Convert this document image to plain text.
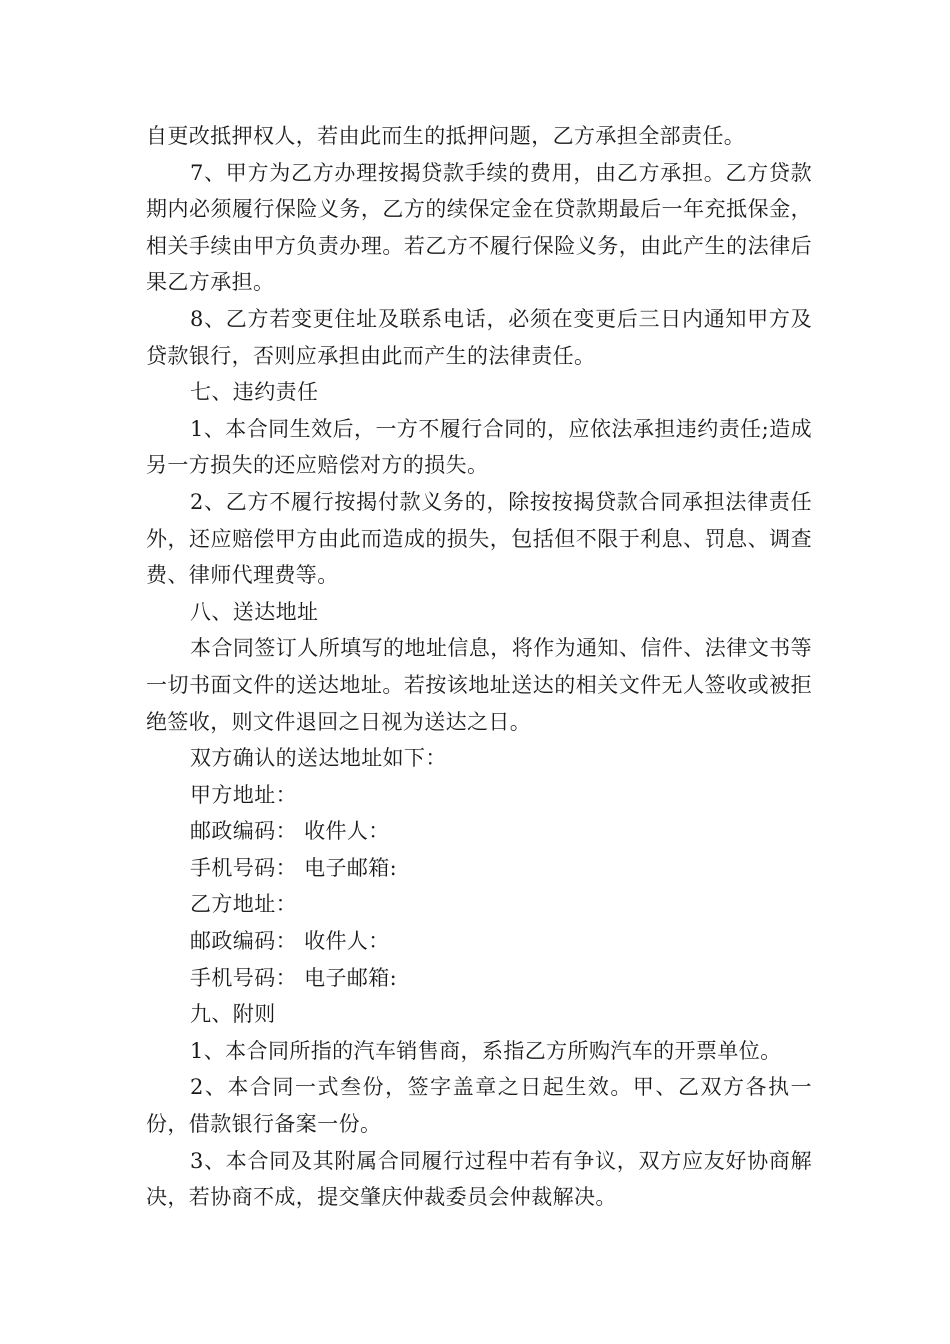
自更改抵押权人，若由此而生的抵押问题，乙方承担全部责任。

7、甲方为乙方办理按揭贷款手续的费用，由乙方承担。乙方贷款期内必须履行保险义务，乙方的续保定金在贷款期最后一年充抵保金，相关手续由甲方负责办理。若乙方不履行保险义务，由此产生的法律后果乙方承担。

8、乙方若变更住址及联系电话，必须在变更后三日内通知甲方及贷款银行，否则应承担由此而产生的法律责任。

七、违约责任

1、本合同生效后，一方不履行合同的，应依法承担违约责任;造成另一方损失的还应赔偿对方的损失。

2、乙方不履行按揭付款义务的，除按按揭贷款合同承担法律责任外，还应赔偿甲方由此而造成的损失，包括但不限于利息、罚息、调查费、律师代理费等。

八、送达地址

本合同签订人所填写的地址信息，将作为通知、信件、法律文书等一切书面文件的送达地址。若按该地址送达的相关文件无人签收或被拒绝签收，则文件退回之日视为送达之日。

双方确认的送达地址如下：

甲方地址：

邮政编码： 收件人：

手机号码： 电子邮箱:

乙方地址：

邮政编码： 收件人：

手机号码： 电子邮箱:

九、附则

1、本合同所指的汽车销售商，系指乙方所购汽车的开票单位。

2、本合同一式叁份，签字盖章之日起生效。甲、乙双方各执一份，借款银行备案一份。

3、本合同及其附属合同履行过程中若有争议，双方应友好协商解决，若协商不成，提交肇庆仲裁委员会仲裁解决。
